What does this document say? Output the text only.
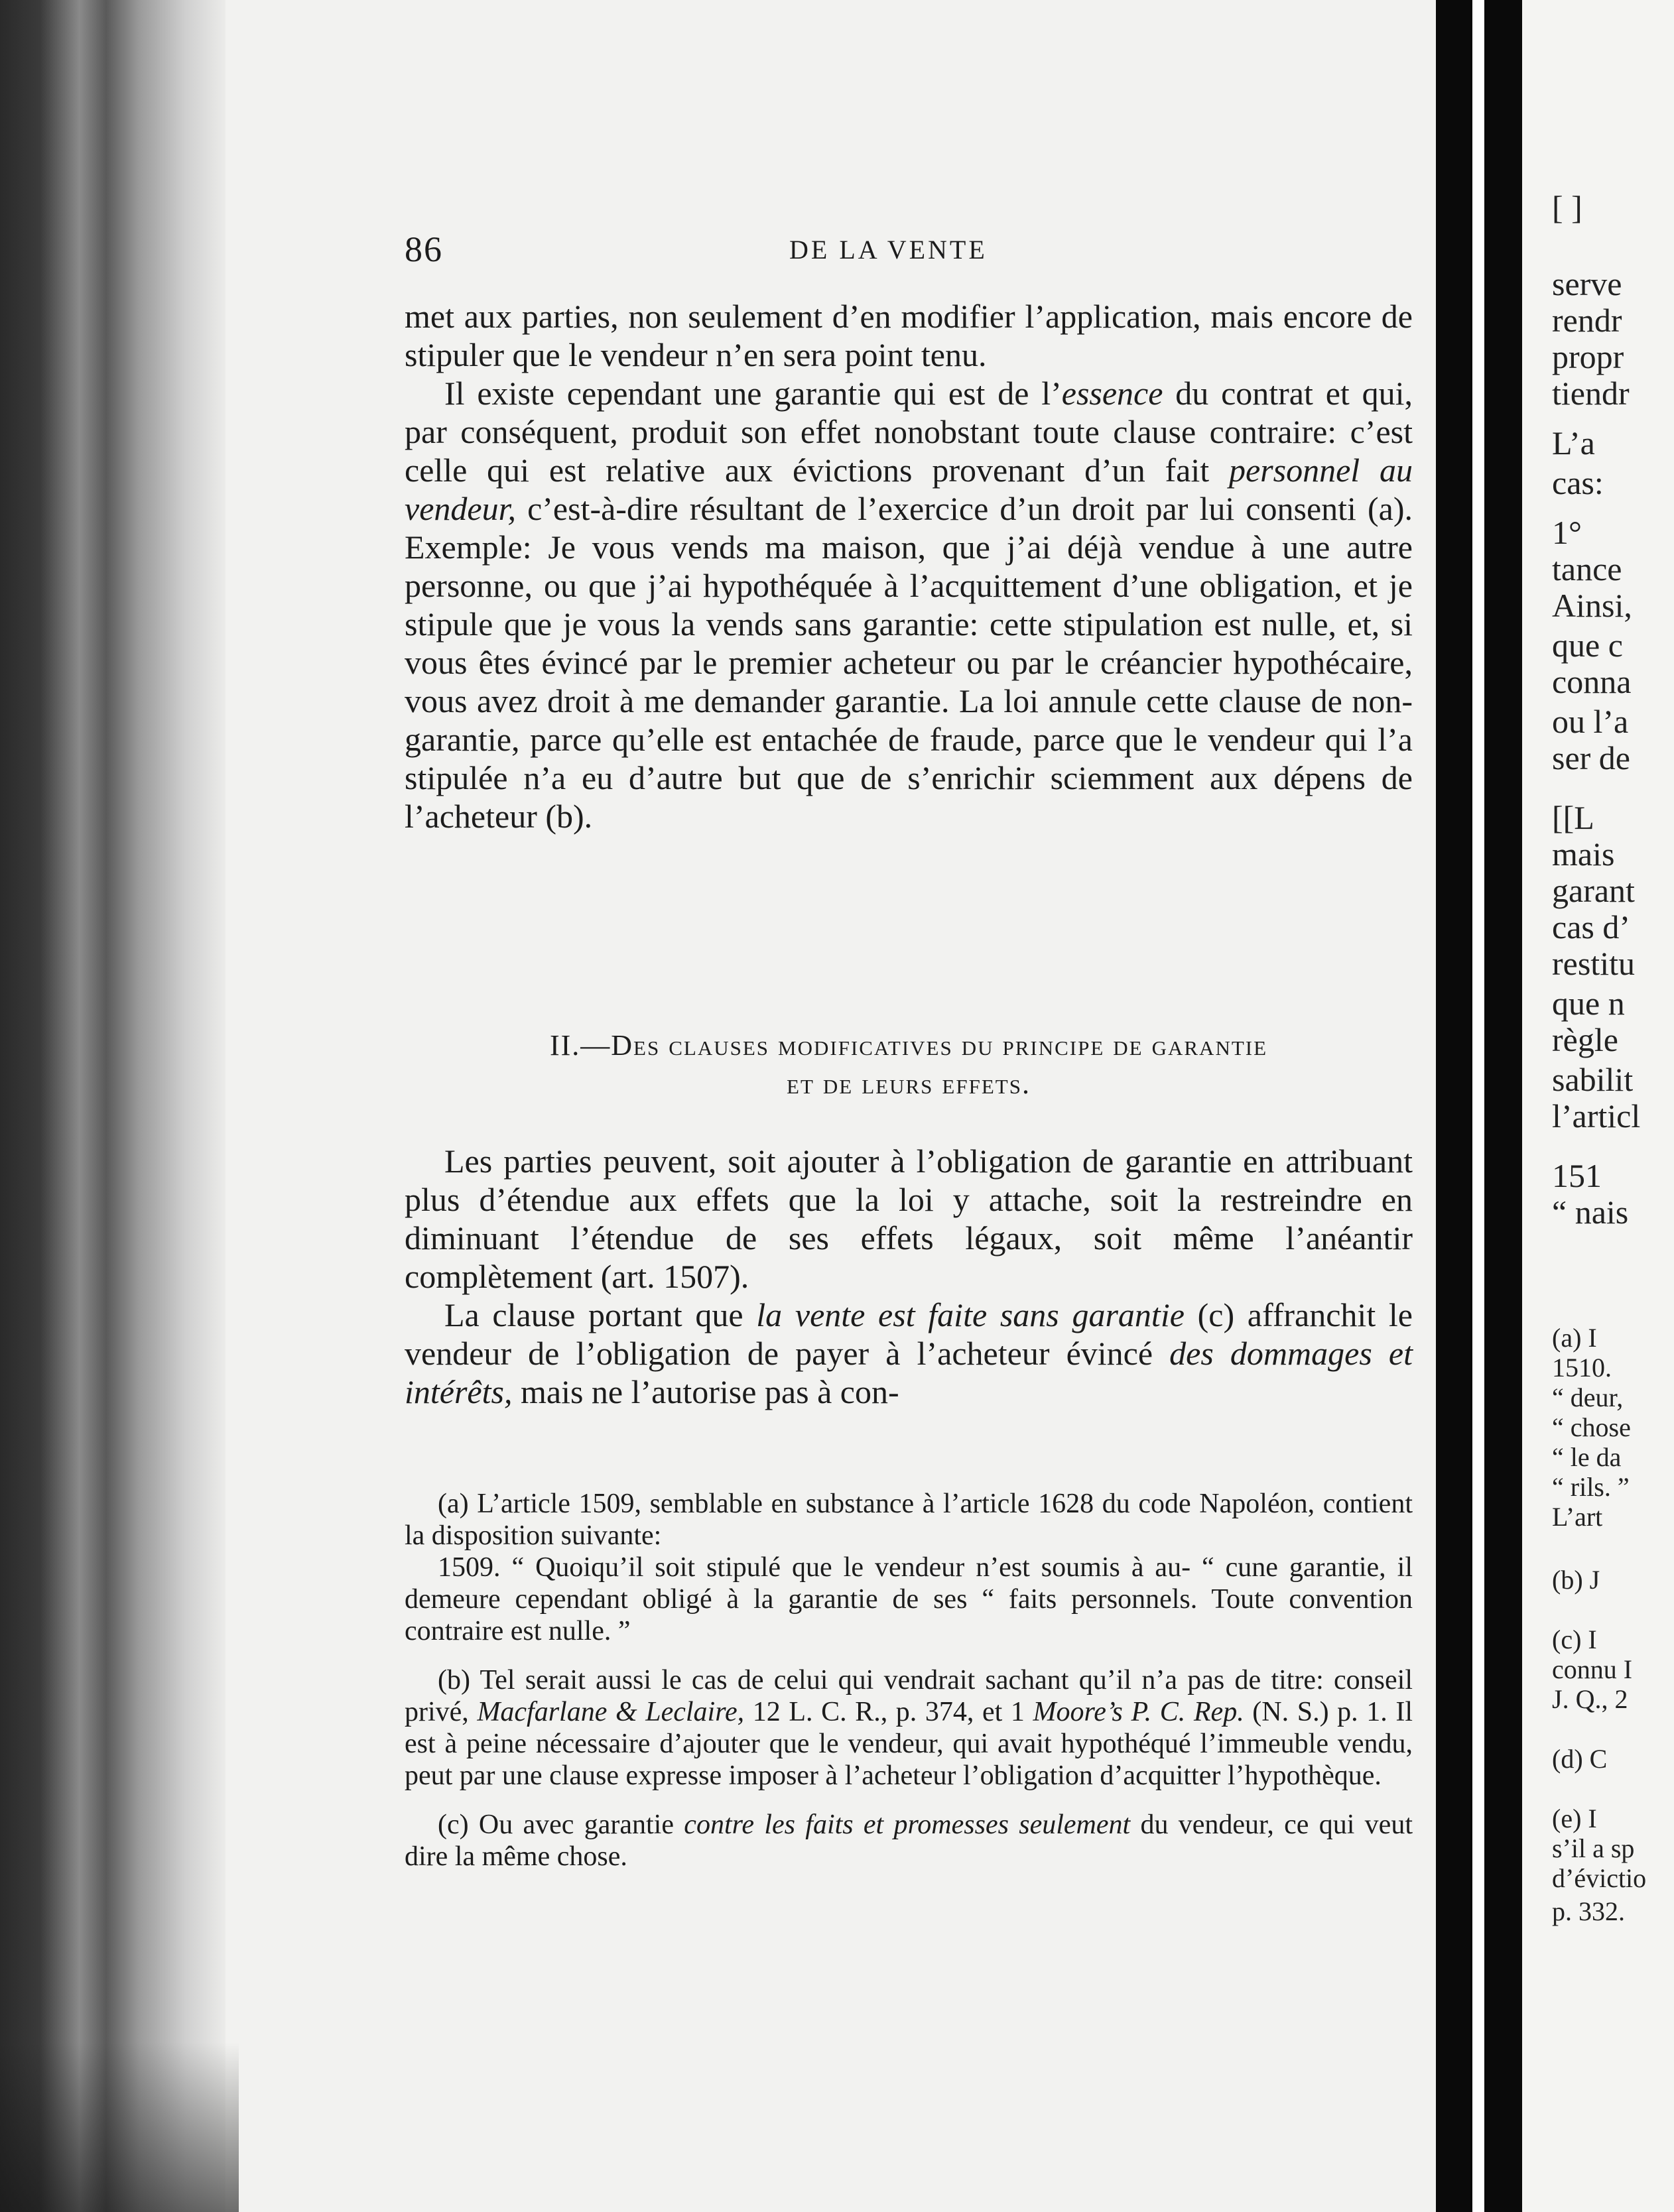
86	DE LA VENTE

met aux parties, non seulement d’en modifier l’application, mais encore de stipuler que le vendeur n’en sera point tenu.

Il existe cependant une garantie qui est de l’essence du contrat et qui, par conséquent, produit son effet nonobstant toute clause contraire: c’est celle qui est relative aux évictions provenant d’un fait personnel au vendeur, c’est-à-dire résultant de l’exercice d’un droit par lui consenti (a). Exemple: Je vous vends ma maison, que j’ai déjà vendue à une autre personne, ou que j’ai hypothéquée à l’acquittement d’une obligation, et je stipule que je vous la vends sans garantie: cette stipulation est nulle, et, si vous êtes évincé par le premier acheteur ou par le créancier hypothécaire, vous avez droit à me demander garantie. La loi annule cette clause de non-garantie, parce qu’elle est entachée de fraude, parce que le vendeur qui l’a stipulée n’a eu d’autre but que de s’enrichir sciemment aux dépens de l’acheteur (b).

II.—Des clauses modificatives du principe de garantie
et de leurs effets.

Les parties peuvent, soit ajouter à l’obligation de garantie en attribuant plus d’étendue aux effets que la loi y attache, soit la restreindre en diminuant l’étendue de ses effets légaux, soit même l’anéantir complètement (art. 1507).

La clause portant que la vente est faite sans garantie (c) affranchit le vendeur de l’obligation de payer à l’acheteur évincé des dommages et intérêts, mais ne l’autorise pas à con-

(a) L’article 1509, semblable en substance à l’article 1628 du code Napoléon, contient la disposition suivante:

1509. “ Quoiqu’il soit stipulé que le vendeur n’est soumis à au- “ cune garantie, il demeure cependant obligé à la garantie de ses “ faits personnels. Toute convention contraire est nulle. ”

(b) Tel serait aussi le cas de celui qui vendrait sachant qu’il n’a pas de titre: conseil privé, Macfarlane & Leclaire, 12 L. C. R., p. 374, et 1 Moore’s P. C. Rep. (N. S.) p. 1. Il est à peine nécessaire d’ajouter que le vendeur, qui avait hypothéqué l’immeuble vendu, peut par une clause expresse imposer à l’acheteur l’obligation d’acquitter l’hypothèque.

(c) Ou avec garantie contre les faits et promesses seulement du vendeur, ce qui veut dire la même chose.

[ ]
serve
rendr
propr
tiendr
L’a
cas:
1°
tance
Ainsi,
que c
conna
ou l’a
ser de
[[L
mais
garant
cas d’
restitu
que n
règle
sabilit
l’articl
151
“ nais
(a) I
1510.
“ deur,
“ chose
“ le da
“ rils. ”
L’art
(b) J
(c) I
connu I
J. Q., 2
(d) C
(e) I
s’il a sp
d’évictio
p. 332.
